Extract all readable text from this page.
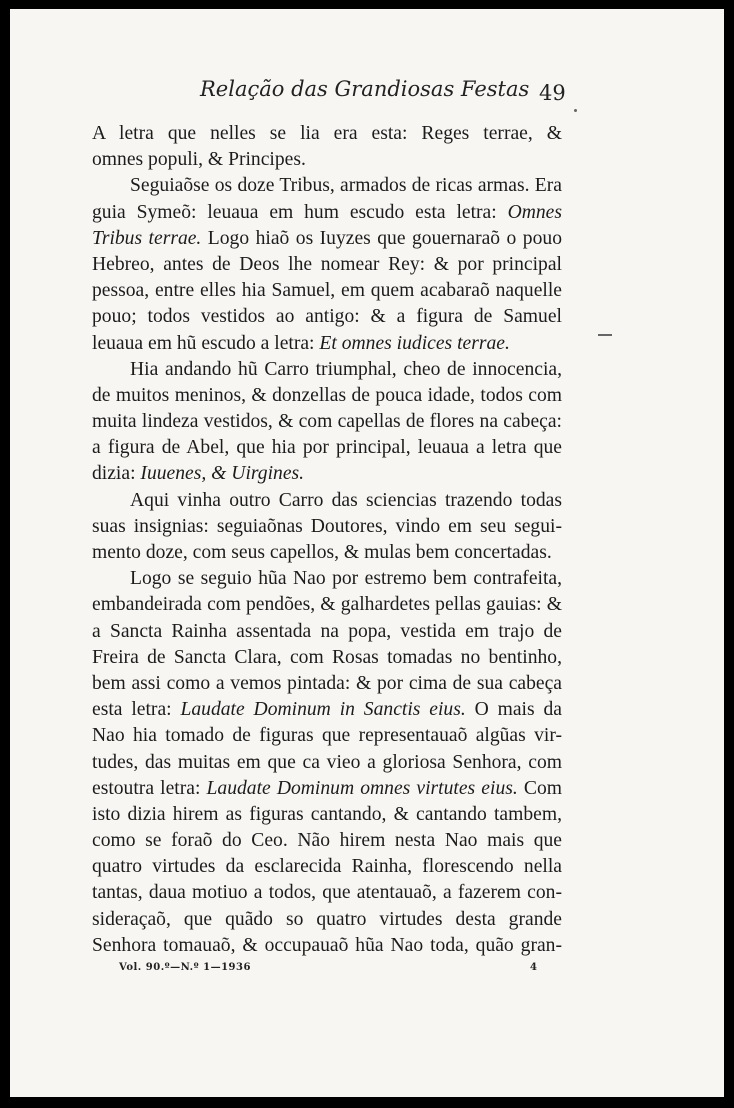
Relação das Grandiosas Festas 49
A letra que nelles se lia era esta: Reges terrae, &
omnes populi, & Principes.
Seguiaõse os doze Tribus, armados de ricas armas. Era
guia Symeõ: leuaua em hum escudo esta letra: Omnes
Tribus terrae. Logo hiaõ os Iuyzes que gouernaraõ o pouo
Hebreo, antes de Deos lhe nomear Rey: & por principal
pessoa, entre elles hia Samuel, em quem acabaraõ naquelle
pouo; todos vestidos ao antigo: & a figura de Samuel
leuaua em hũ escudo a letra: Et omnes iudices terrae.
Hia andando hũ Carro triumphal, cheo de innocencia,
de muitos meninos, & donzellas de pouca idade, todos com
muita lindeza vestidos, & com capellas de flores na cabeça:
a figura de Abel, que hia por principal, leuaua a letra que
dizia: Iuuenes, & Uirgines.
Aqui vinha outro Carro das sciencias trazendo todas
suas insignias: seguiaõnas Doutores, vindo em seu segui-
mento doze, com seus capellos, & mulas bem concertadas.
Logo se seguio hũa Nao por estremo bem contrafeita,
embandeirada com pendões, & galhardetes pellas gauias: &
a Sancta Rainha assentada na popa, vestida em trajo de
Freira de Sancta Clara, com Rosas tomadas no bentinho,
bem assi como a vemos pintada: & por cima de sua cabeça
esta letra: Laudate Dominum in Sanctis eius. O mais da
Nao hia tomado de figuras que representauaõ algũas vir-
tudes, das muitas em que ca vieo a gloriosa Senhora, com
estoutra letra: Laudate Dominum omnes virtutes eius. Com
isto dizia hirem as figuras cantando, & cantando tambem,
como se foraõ do Ceo. Não hirem nesta Nao mais que
quatro virtudes da esclarecida Rainha, florescendo nella
tantas, daua motiuo a todos, que atentauaõ, a fazerem con-
sideraçaõ, que quãdo so quatro virtudes desta grande
Senhora tomauaõ, & occupauaõ hũa Nao toda, quão gran-
Vol. 90.º—N.º 1—1936	4
